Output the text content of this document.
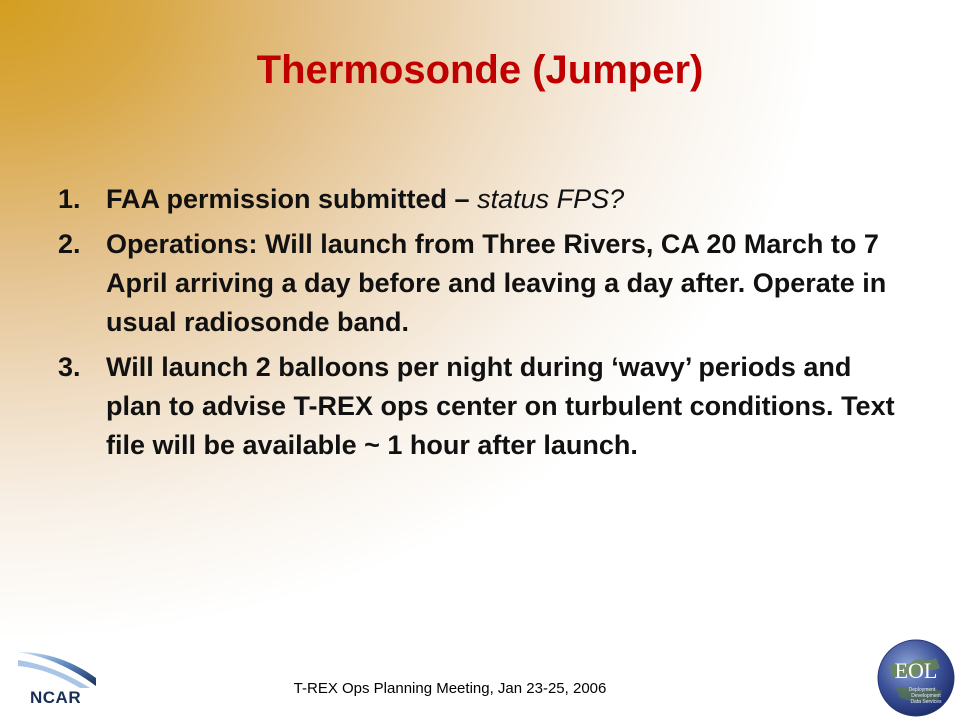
Thermosonde (Jumper)
1. FAA permission submitted – status FPS?
2. Operations: Will launch from Three Rivers, CA 20 March to 7 April arriving a day before and leaving a day after. Operate in usual radiosonde band.
3. Will launch 2 balloons per night during ‘wavy’ periods and plan to advise T-REX ops center on turbulent conditions. Text file will be available ~ 1 hour after launch.
NCAR	T-REX Ops Planning Meeting, Jan 23-25, 2006
EOL
Deployment
Development
Data Services
